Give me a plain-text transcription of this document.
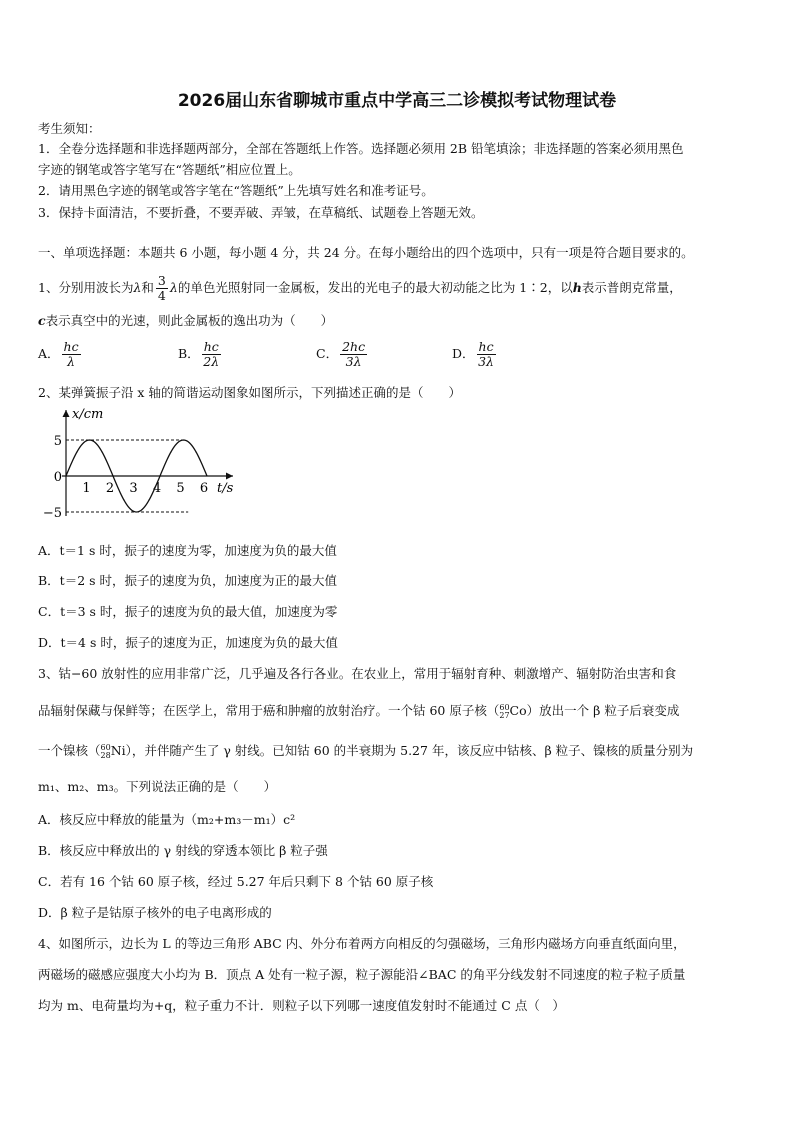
2026届山东省聊城市重点中学高三二诊模拟考试物理试卷
考生须知：
1．全卷分选择题和非选择题两部分，全部在答题纸上作答。选择题必须用 2B 铅笔填涂；非选择题的答案必须用黑色
字迹的钢笔或答字笔写在“答题纸”相应位置上。
2．请用黑色字迹的钢笔或答字笔在“答题纸”上先填写姓名和准考证号。
3．保持卡面清洁，不要折叠，不要弄破、弄皱，在草稿纸、试题卷上答题无效。
一、单项选择题：本题共 6 小题，每小题 4 分，共 24 分。在每小题给出的四个选项中，只有一项是符合题目要求的。
1、分别用波长为λ和 $\frac{3}{4}$ λ的单色光照射同一金属板，发出的光电子的最大初动能之比为 1∶2，以h表示普朗克常量，
c表示真空中的光速，则此金属板的逸出功为（　　）
A． $\frac{hc}{\lambda}$	B． $\frac{hc}{2\lambda}$	C． $\frac{2hc}{3\lambda}$	D． $\frac{hc}{3\lambda}$
2、某弹簧振子沿 x 轴的简谐运动图象如图所示，下列描述正确的是（　　）
x/cm
t/s
5
0
−5
1 2 3 4 5 6
A．t＝1 s 时，振子的速度为零，加速度为负的最大值
B．t＝2 s 时，振子的速度为负，加速度为正的最大值
C．t＝3 s 时，振子的速度为负的最大值，加速度为零
D．t＝4 s 时，振子的速度为正，加速度为负的最大值
3、钴−60 放射性的应用非常广泛，几乎遍及各行各业。在农业上，常用于辐射育种、刺激增产、辐射防治虫害和食
品辐射保藏与保鲜等；在医学上，常用于癌和肿瘤的放射治疗。一个钴 60 原子核（ 60
27 Co）放出一个 β 粒子后衰变成
一个镍核（ 60
28 Ni），并伴随产生了 γ 射线。已知钴 60 的半衰期为 5.27 年，该反应中钴核、β 粒子、镍核的质量分别为
m₁、m₂、m₃。下列说法正确的是（　　）
A．核反应中释放的能量为（m₂+m₃－m₁）c²
B．核反应中释放出的 γ 射线的穿透本领比 β 粒子强
C．若有 16 个钴 60 原子核，经过 5.27 年后只剩下 8 个钴 60 原子核
D．β 粒子是钴原子核外的电子电离形成的
4、如图所示，边长为 L 的等边三角形 ABC 内、外分布着两方向相反的匀强磁场，三角形内磁场方向垂直纸面向里，
两磁场的磁感应强度大小均为 B．顶点 A 处有一粒子源，粒子源能沿∠BAC 的角平分线发射不同速度的粒子粒子质量
均为 m、电荷量均为+q，粒子重力不计．则粒子以下列哪一速度值发射时不能通过 C 点（　）
